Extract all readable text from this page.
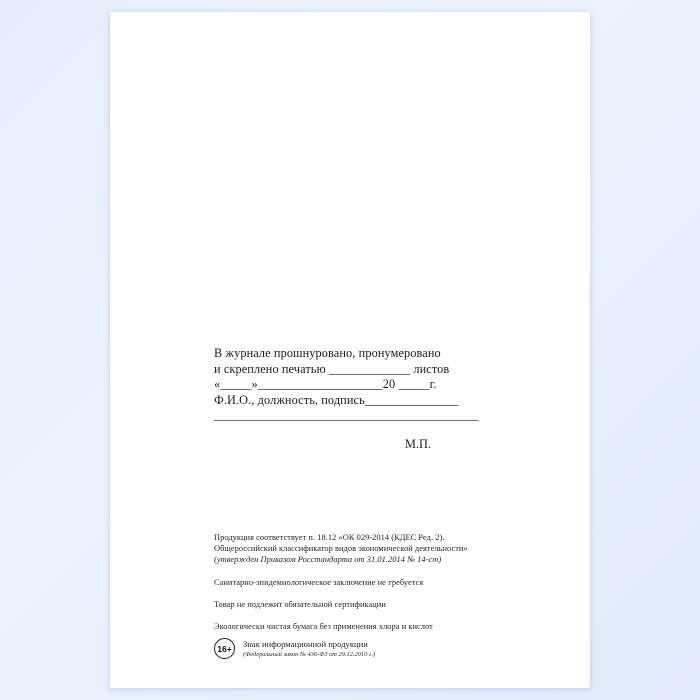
В журнале прошнуровано, пронумеровано
и скреплено печатью _____________ листов
«_____»____________________20 _____г.
Ф.И.О., должность, подпись_______________
___________________________________________
М.П.

Продукция соответствует п. 18.12 «ОК 029-2014 (КДЕС Ред. 2).

Общероссийский классификатор видов экономической деятельности»

(утвержден Приказом Росстандарта от 31.01.2014 № 14-ст)

Санитарно-эпидемиологическое заключение не требуется

Товар не подлежит обязательной сертификации

Экологически чистая бумага без применения хлора и кислот

16+	Знак информационной продукции
(Федеральный закон № 436-ФЗ от 29.12.2010 г.)
